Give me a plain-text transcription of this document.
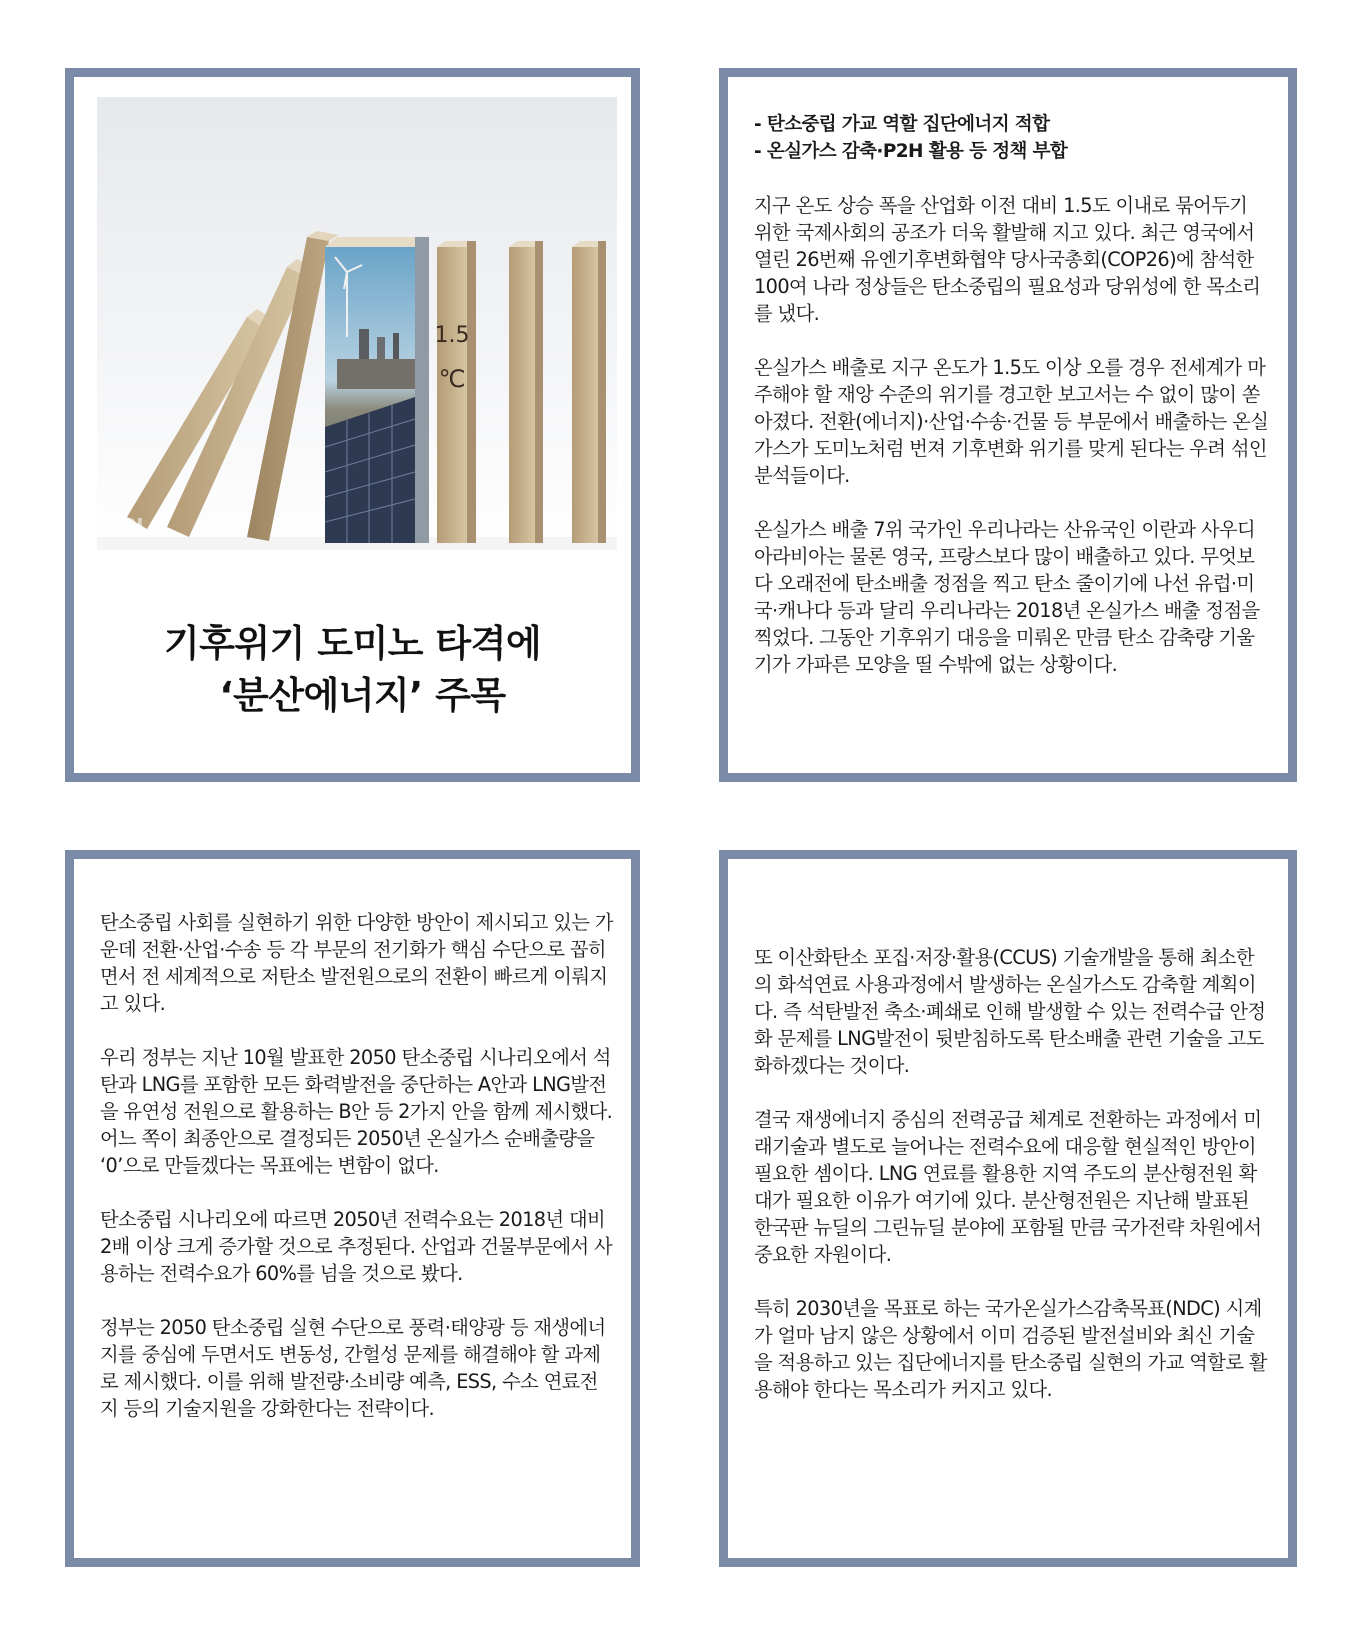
1.5
℃
GPL
기후위기 도미노 타격에

‘분산에너지’ 주목

- 탄소중립 가교 역할 집단에너지 적합

- 온실가스 감축·P2H 활용 등 정책 부합

지구 온도 상승 폭을 산업화 이전 대비 1.5도 이내로 묶어두기 위한 국제사회의 공조가 더욱 활발해 지고 있다. 최근 영국에서 열린 26번째 유엔기후변화협약 당사국총회(COP26)에 참석한 100여 나라 정상들은 탄소중립의 필요성과 당위성에 한 목소리를 냈다.

온실가스 배출로 지구 온도가 1.5도 이상 오를 경우 전세계가 마주해야 할 재앙 수준의 위기를 경고한 보고서는 수 없이 많이 쏟아졌다. 전환(에너지)·산업·수송·건물 등 부문에서 배출하는 온실가스가 도미노처럼 번져 기후변화 위기를 맞게 된다는 우려 섞인 분석들이다.

온실가스 배출 7위 국가인 우리나라는 산유국인 이란과 사우디아라비아는 물론 영국, 프랑스보다 많이 배출하고 있다. 무엇보다 오래전에 탄소배출 정점을 찍고 탄소 줄이기에 나선 유럽·미국·캐나다 등과 달리 우리나라는 2018년 온실가스 배출 정점을 찍었다. 그동안 기후위기 대응을 미뤄온 만큼 탄소 감축량 기울기가 가파른 모양을 띨 수밖에 없는 상황이다.

탄소중립 사회를 실현하기 위한 다양한 방안이 제시되고 있는 가운데 전환·산업·수송 등 각 부문의 전기화가 핵심 수단으로 꼽히면서 전 세계적으로 저탄소 발전원으로의 전환이 빠르게 이뤄지고 있다.

우리 정부는 지난 10월 발표한 2050 탄소중립 시나리오에서 석탄과 LNG를 포함한 모든 화력발전을 중단하는 A안과 LNG발전을 유연성 전원으로 활용하는 B안 등 2가지 안을 함께 제시했다. 어느 쪽이 최종안으로 결정되든 2050년 온실가스 순배출량을 ‘0’으로 만들겠다는 목표에는 변함이 없다.

탄소중립 시나리오에 따르면 2050년 전력수요는 2018년 대비 2배 이상 크게 증가할 것으로 추정된다. 산업과 건물부문에서 사용하는 전력수요가 60%를 넘을 것으로 봤다.

정부는 2050 탄소중립 실현 수단으로 풍력·태양광 등 재생에너지를 중심에 두면서도 변동성, 간헐성 문제를 해결해야 할 과제로 제시했다. 이를 위해 발전량·소비량 예측, ESS, 수소 연료전지 등의 기술지원을 강화한다는 전략이다.

또 이산화탄소 포집·저장·활용(CCUS) 기술개발을 통해 최소한의 화석연료 사용과정에서 발생하는 온실가스도 감축할 계획이다. 즉 석탄발전 축소·폐쇄로 인해 발생할 수 있는 전력수급 안정화 문제를 LNG발전이 뒷받침하도록 탄소배출 관련 기술을 고도화하겠다는 것이다.

결국 재생에너지 중심의 전력공급 체계로 전환하는 과정에서 미래기술과 별도로 늘어나는 전력수요에 대응할 현실적인 방안이 필요한 셈이다. LNG 연료를 활용한 지역 주도의 분산형전원 확대가 필요한 이유가 여기에 있다. 분산형전원은 지난해 발표된 한국판 뉴딜의 그린뉴딜 분야에 포함될 만큼 국가전략 차원에서 중요한 자원이다.

특히 2030년을 목표로 하는 국가온실가스감축목표(NDC) 시계가 얼마 남지 않은 상황에서 이미 검증된 발전설비와 최신 기술을 적용하고 있는 집단에너지를 탄소중립 실현의 가교 역할로 활용해야 한다는 목소리가 커지고 있다.
